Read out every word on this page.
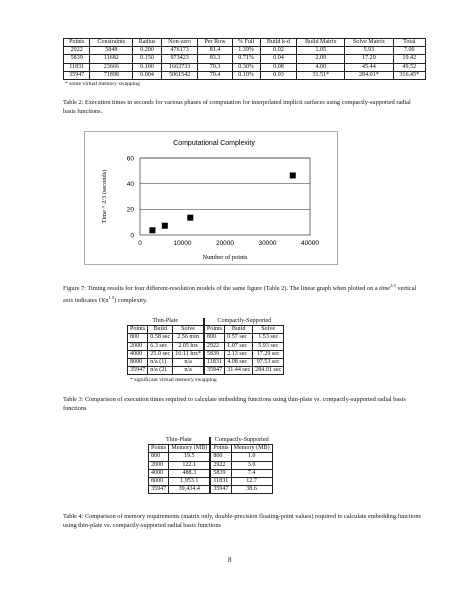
Points	Constraints	Radius	Non-zero	Per Row	% Full	Build k-d	Build Matrix	Solve Matrix	Total
2922	5848	0.200	476173	81.4	1.39%	0.02	1.05	5.93	7.00
5839	11682	0.150	973423	83.3	0.71%	0.04	2.09	17.29	19.42
11831	23666	0.100	1663733	70.3	0.30%	0.08	4.00	45.44	49.52
35947	71898	0.004	5061542	70.4	0.10%	0.93	31.51*	284.01*	316.45*
* some virtual memory swapping
Table 2: Execution times in seconds for various phases of computation for interpolated implicit surfaces using compactly-supported radial basis functions.
Computational Complexity
0
20
40
60
0	10000	20000	30000	40000
Number of points
Time ^ 2/3 (seconds)
Figure 7: Timing results for four different-resolution models of the same figure (Table 2). The linear graph when plotted on a time$^{2/3}$ vertical axis indicates $O(n^{1.5})$ complexity.
Thin-Plate			Compactly-Supported		
Points	Build	Solve	Points	Build	Solve
800	0.58 sec	2.56 min	800	0.57 sec	1.53 sec
2000	6.3 sec	2.05 hrs	2922	1.07 sec	5.93 sec
4000	25.0 sec	16:11 hrs*	5839	2.13 sec	17.29 sec
8000	n/a (1)	n/a	11831	4.08 sec	97.53 sec
35947	n/a (2)	n/a	35947	31.44 sec	284.01 sec
* significant virtual memory swapping
Table 3: Comparison of execution times required to calculate embedding functions using thin-plate vs. compactly-supported radial basis functions
Thin-Plate		Compactly-Supported	
Points	Memory (MB)	Points	Memory (MB)
800	19.5	800	1.0
2000	122.1	2922	3.6
4000	488.3	5839	7.4
8000	1,953.1	11831	12.7
35947	39,434.4	35947	38.6
Table 4: Comparison of memory requirements (matrix only, double-precision floating-point values) required to calculate embedding functions using thin-plate vs. compactly-supported radial basis functions
8
